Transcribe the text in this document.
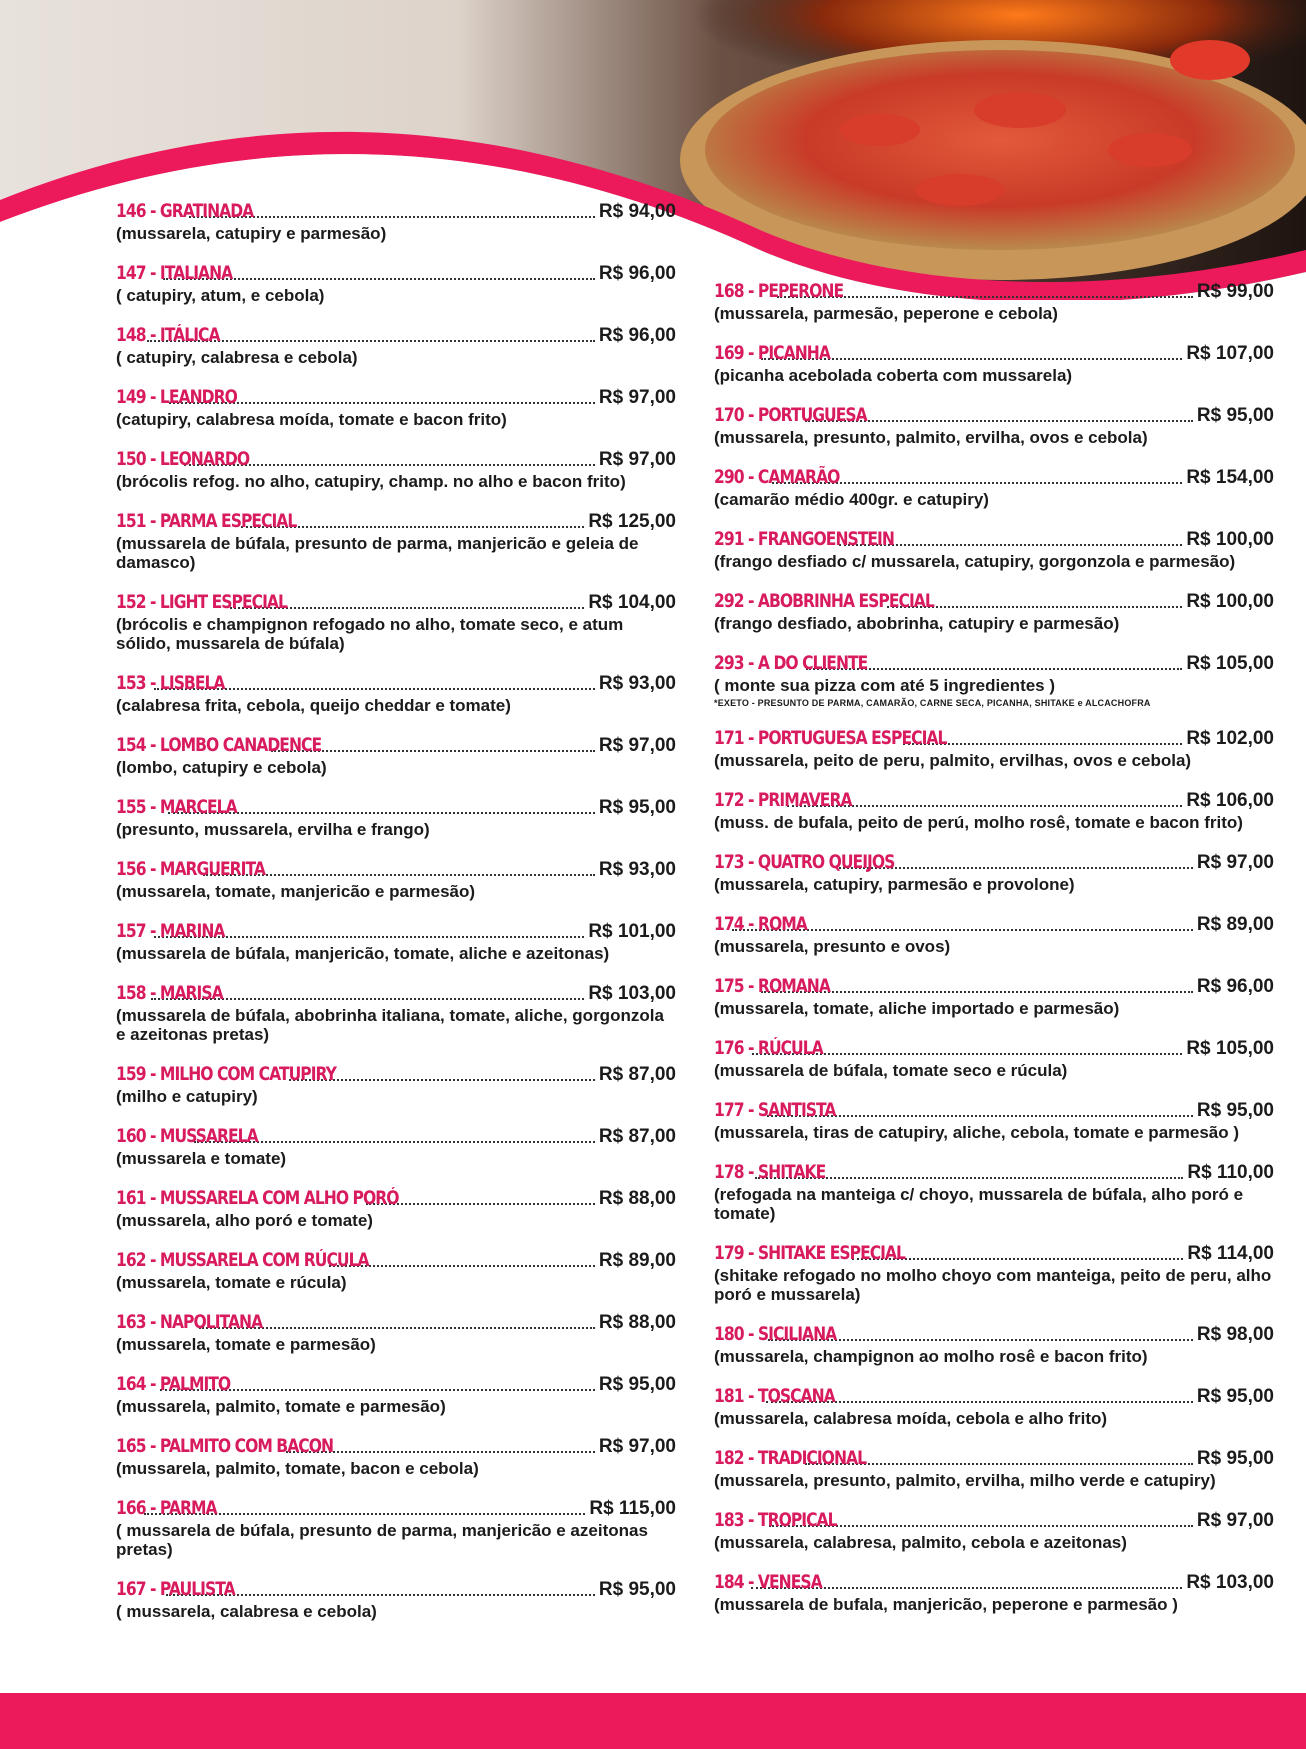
146 - GRATINADA	R$ 94,00
(mussarela, catupiry e parmesão)
147 - ITALIANA	R$ 96,00
( catupiry, atum, e cebola)
148 - ITÁLICA	R$ 96,00
( catupiry, calabresa e cebola)
149 - LEANDRO	R$ 97,00
(catupiry, calabresa moída, tomate e bacon frito)
150 - LEONARDO	R$ 97,00
(brócolis refog. no alho, catupiry, champ. no alho e bacon frito)
151 - PARMA ESPECIAL	R$ 125,00
(mussarela de búfala, presunto de parma, manjericão e geleia de damasco)
152 - LIGHT ESPECIAL	R$ 104,00
(brócolis e champignon refogado no alho, tomate seco, e atum sólido, mussarela de búfala)
153 - LISBELA	R$ 93,00
(calabresa frita, cebola, queijo cheddar e tomate)
154 - LOMBO CANADENCE	R$ 97,00
(lombo, catupiry e cebola)
155 - MARCELA	R$ 95,00
(presunto, mussarela, ervilha e frango)
156 - MARGUERITA	R$ 93,00
(mussarela, tomate, manjericão e parmesão)
157 - MARINA	R$ 101,00
(mussarela de búfala, manjericão, tomate, aliche e azeitonas)
158 - MARISA	R$ 103,00
(mussarela de búfala, abobrinha italiana, tomate, aliche, gorgonzola e azeitonas pretas)
159 - MILHO COM CATUPIRY	R$ 87,00
(milho e catupiry)
160 - MUSSARELA	R$ 87,00
(mussarela e tomate)
161 - MUSSARELA COM ALHO PORÓ	R$ 88,00
(mussarela, alho poró e tomate)
162 - MUSSARELA COM RÚCULA	R$ 89,00
(mussarela, tomate e rúcula)
163 - NAPOLITANA	R$ 88,00
(mussarela, tomate e parmesão)
164 - PALMITO	R$ 95,00
(mussarela, palmito, tomate e parmesão)
165 - PALMITO COM BACON	R$ 97,00
(mussarela, palmito, tomate, bacon e cebola)
166 - PARMA	R$ 115,00
( mussarela de búfala, presunto de parma, manjericão e azeitonas pretas)
167 - PAULISTA	R$ 95,00
( mussarela, calabresa e cebola)
168 - PEPERONE	R$ 99,00
(mussarela, parmesão, peperone e cebola)
169 - PICANHA	R$ 107,00
(picanha acebolada coberta com mussarela)
170 - PORTUGUESA	R$ 95,00
(mussarela, presunto, palmito, ervilha, ovos e cebola)
290 - CAMARÃO	R$ 154,00
(camarão médio 400gr. e catupiry)
291 - FRANGOENSTEIN	R$ 100,00
(frango desfiado c/ mussarela, catupiry, gorgonzola e parmesão)
292 - ABOBRINHA ESPECIAL	R$ 100,00
(frango desfiado, abobrinha, catupiry e parmesão)
293 - A DO CLIENTE	R$ 105,00
( monte sua pizza com até 5 ingredientes )
*EXETO - PRESUNTO DE PARMA, CAMARÃO, CARNE SECA, PICANHA, SHITAKE e ALCACHOFRA
171 - PORTUGUESA ESPECIAL	R$ 102,00
(mussarela, peito de peru, palmito, ervilhas, ovos e cebola)
172 - PRIMAVERA	R$ 106,00
(muss. de bufala, peito de perú, molho rosê, tomate e bacon frito)
173 - QUATRO QUEIJOS	R$ 97,00
(mussarela, catupiry, parmesão e provolone)
174 - ROMA	R$ 89,00
(mussarela, presunto e ovos)
175 - ROMANA	R$ 96,00
(mussarela, tomate, aliche importado e parmesão)
176 - RÚCULA	R$ 105,00
(mussarela de búfala, tomate seco e rúcula)
177 - SANTISTA	R$ 95,00
(mussarela, tiras de catupiry, aliche, cebola, tomate e parmesão )
178 - SHITAKE	R$ 110,00
(refogada na manteiga c/ choyo, mussarela de búfala, alho poró e tomate)
179 - SHITAKE ESPECIAL	R$ 114,00
(shitake refogado no molho choyo com manteiga, peito de peru, alho poró e mussarela)
180 - SICILIANA	R$ 98,00
(mussarela, champignon ao molho rosê e bacon frito)
181 - TOSCANA	R$ 95,00
(mussarela, calabresa moída, cebola e alho frito)
182 - TRADICIONAL	R$ 95,00
(mussarela, presunto, palmito, ervilha, milho verde e catupiry)
183 - TROPICAL	R$ 97,00
(mussarela, calabresa, palmito, cebola e azeitonas)
184 - VENESA	R$ 103,00
(mussarela de bufala, manjericão, peperone e parmesão )
